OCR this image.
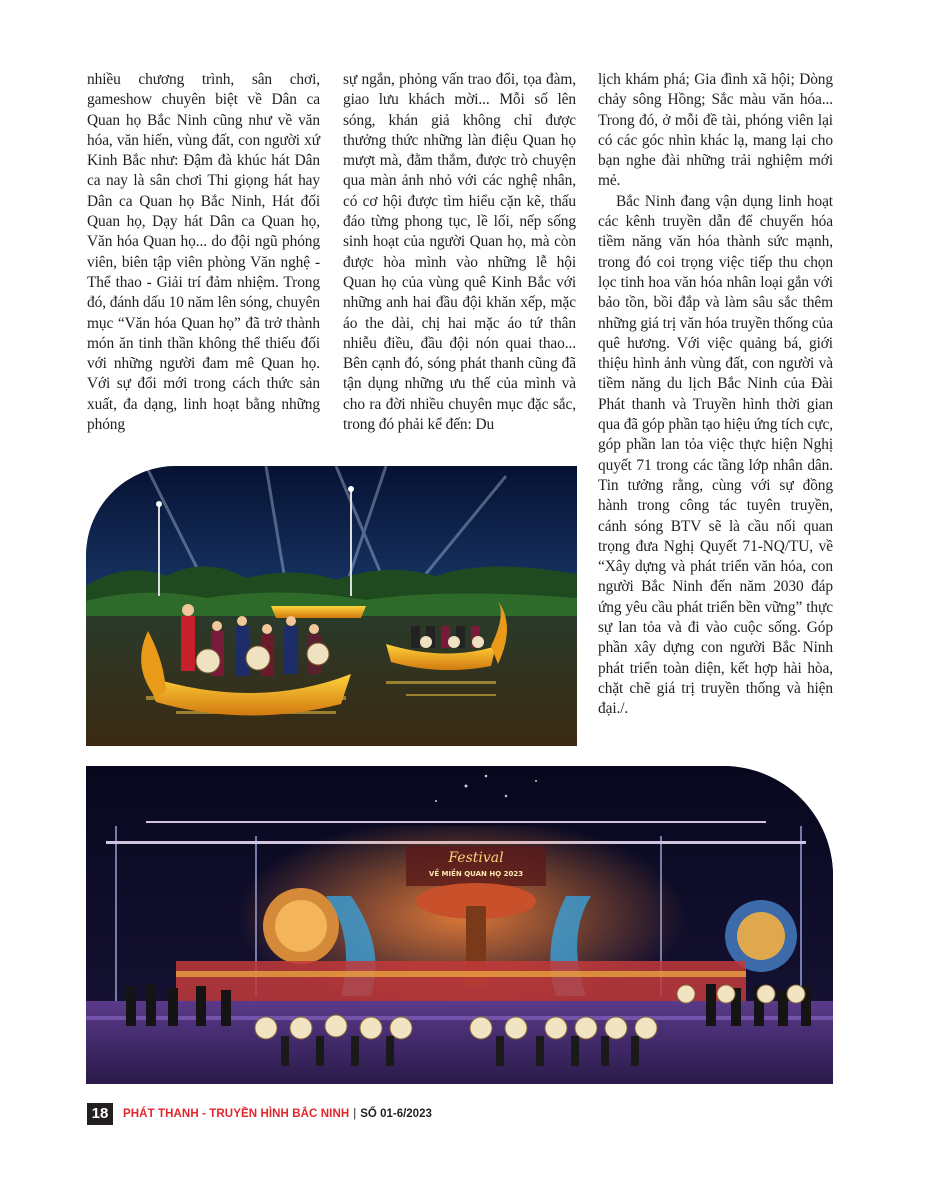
nhiều chương trình, sân chơi, gameshow chuyên biệt về Dân ca Quan họ Bắc Ninh cũng như về văn hóa, văn hiến, vùng đất, con người xứ Kinh Bắc như: Đậm đà khúc hát Dân ca nay là sân chơi Thi giọng hát hay Dân ca Quan họ Bắc Ninh, Hát đối Quan họ, Dạy hát Dân ca Quan họ, Văn hóa Quan họ... do đội ngũ phóng viên, biên tập viên phòng Văn nghệ - Thể thao - Giải trí đảm nhiệm. Trong đó, đánh dấu 10 năm lên sóng, chuyên mục “Văn hóa Quan họ” đã trở thành món ăn tinh thần không thể thiếu đối với những người đam mê Quan họ. Với sự đổi mới trong cách thức sản xuất, đa dạng, linh hoạt bằng những phóng

sự ngắn, phỏng vấn trao đổi, tọa đàm, giao lưu khách mời... Mỗi số lên sóng, khán giả không chỉ được thưởng thức những làn điệu Quan họ mượt mà, đằm thắm, được trò chuyện qua màn ảnh nhỏ với các nghệ nhân, có cơ hội được tìm hiểu cặn kẽ, thấu đáo từng phong tục, lề lối, nếp sống sinh hoạt của người Quan họ, mà còn được hòa mình vào những lễ hội Quan họ của vùng quê Kinh Bắc với những anh hai đầu đội khăn xếp, mặc áo the dài, chị hai mặc áo tứ thân nhiễu điều, đầu đội nón quai thao... Bên cạnh đó, sóng phát thanh cũng đã tận dụng những ưu thế của mình và cho ra đời nhiều chuyên mục đặc sắc, trong đó phải kể đến: Du

lịch khám phá; Gia đình xã hội; Dòng chảy sông Hồng; Sắc màu văn hóa... Trong đó, ở mỗi đề tài, phóng viên lại có các góc nhìn khác lạ, mang lại cho bạn nghe đài những trải nghiệm mới mẻ.

Bắc Ninh đang vận dụng linh hoạt các kênh truyền dẫn để chuyển hóa tiềm năng văn hóa thành sức mạnh, trong đó coi trọng việc tiếp thu chọn lọc tinh hoa văn hóa nhân loại gắn với bảo tồn, bồi đắp và làm sâu sắc thêm những giá trị văn hóa truyền thống của quê hương. Với việc quảng bá, giới thiệu hình ảnh vùng đất, con người và tiềm năng du lịch Bắc Ninh của Đài Phát thanh và Truyền hình thời gian qua đã góp phần tạo hiệu ứng tích cực, góp phần lan tỏa việc thực hiện Nghị quyết 71 trong các tầng lớp nhân dân. Tin tưởng rằng, cùng với sự đồng hành trong công tác tuyên truyền, cánh sóng BTV sẽ là cầu nối quan trọng đưa Nghị Quyết 71-NQ/TU, về “Xây dựng và phát triển văn hóa, con người Bắc Ninh đến năm 2030 đáp ứng yêu cầu phát triển bền vững” thực sự lan tỏa và đi vào cuộc sống. Góp phần xây dựng con người Bắc Ninh phát triển toàn diện, kết hợp hài hòa, chặt chẽ giá trị truyền thống và hiện đại./.

Festival
VỀ MIỀN QUAN HỌ 2023
18	PHÁT THANH - TRUYỀN HÌNH BẮC NINH | SỐ 01-6/2023
